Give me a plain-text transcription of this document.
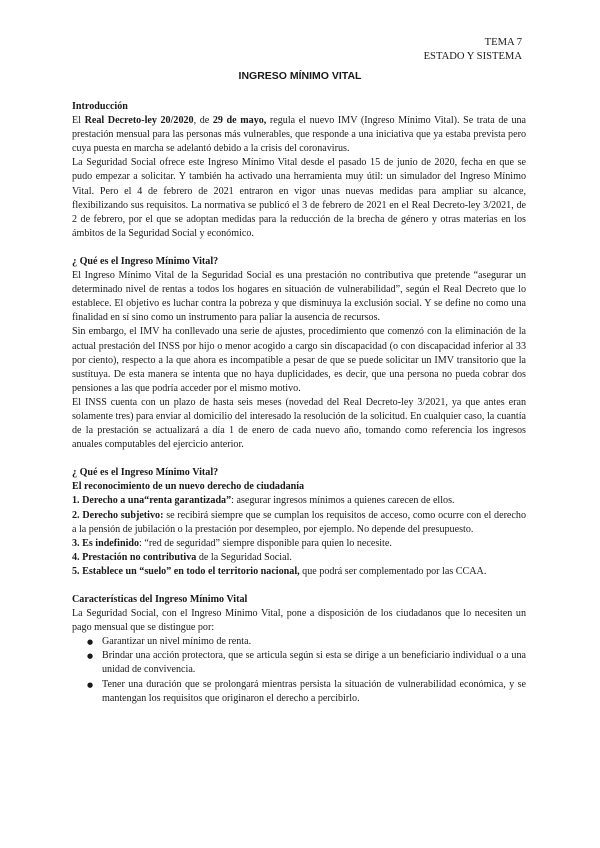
TEMA 7
ESTADO Y SISTEMA
INGRESO MÍNIMO VITAL

Introducción

El Real Decreto-ley 20/2020, de 29 de mayo, regula el nuevo IMV (Ingreso Mínimo Vital). Se trata de una prestación mensual para las personas más vulnerables, que responde a una iniciativa que ya estaba prevista pero cuya puesta en marcha se adelantó debido a la crisis del coronavirus.

La Seguridad Social ofrece este Ingreso Mínimo Vital desde el pasado 15 de junio de 2020, fecha en que se pudo empezar a solicitar. Y también ha activado una herramienta muy útil: un simulador del Ingreso Mínimo Vital. Pero el 4 de febrero de 2021 entraron en vigor unas nuevas medidas para ampliar su alcance, flexibilizando sus requisitos. La normativa se publicó el 3 de febrero de 2021 en el Real Decreto-ley 3/2021, de 2 de febrero, por el que se adoptan medidas para la reducción de la brecha de género y otras materias en los ámbitos de la Seguridad Social y económico.

¿ Qué es el Ingreso Mínimo Vital?

El Ingreso Mínimo Vital de la Seguridad Social es una prestación no contributiva que pretende “asegurar un determinado nivel de rentas a todos los hogares en situación de vulnerabilidad”, según el Real Decreto que lo establece. El objetivo es luchar contra la pobreza y que disminuya la exclusión social. Y se define no como una finalidad en sí sino como un instrumento para paliar la ausencia de recursos.

Sin embargo, el IMV ha conllevado una serie de ajustes, procedimiento que comenzó con la eliminación de la actual prestación del INSS por hijo o menor acogido a cargo sin discapacidad (o con discapacidad inferior al 33 por ciento), respecto a la que ahora es incompatible a pesar de que se puede solicitar un IMV transitorio que la sustituya. De esta manera se intenta que no haya duplicidades, es decir, que una persona no pueda cobrar dos pensiones a las que podría acceder por el mismo motivo.

El INSS cuenta con un plazo de hasta seis meses (novedad del Real Decreto-ley 3/2021, ya que antes eran solamente tres) para enviar al domicilio del interesado la resolución de la solicitud. En cualquier caso, la cuantía de la prestación se actualizará a día 1 de enero de cada nuevo año, tomando como referencia los ingresos anuales computables del ejercicio anterior.

¿ Qué es el Ingreso Mínimo Vital?

El reconocimiento de un nuevo derecho de ciudadanía

1. Derecho a una“renta garantizada”: asegurar ingresos mínimos a quienes carecen de ellos.

2. Derecho subjetivo: se recibirá siempre que se cumplan los requisitos de acceso, como ocurre con el derecho a la pensión de jubilación o la prestación por desempleo, por ejemplo. No depende del presupuesto.

3. Es indefinido: “red de seguridad” siempre disponible para quien lo necesite.

4. Prestación no contributiva de la Seguridad Social.

5. Establece un “suelo” en todo el territorio nacional, que podrá ser complementado por las CCAA.

Características del Ingreso Mínimo Vital

La Seguridad Social, con el Ingreso Mínimo Vital, pone a disposición de los ciudadanos que lo necesiten un pago mensual que se distingue por:

● Garantizar un nivel mínimo de renta.
● Brindar una acción protectora, que se articula según si esta se dirige a un beneficiario individual o a una unidad de convivencia.
● Tener una duración que se prolongará mientras persista la situación de vulnerabilidad económica, y se mantengan los requisitos que originaron el derecho a percibirlo.
